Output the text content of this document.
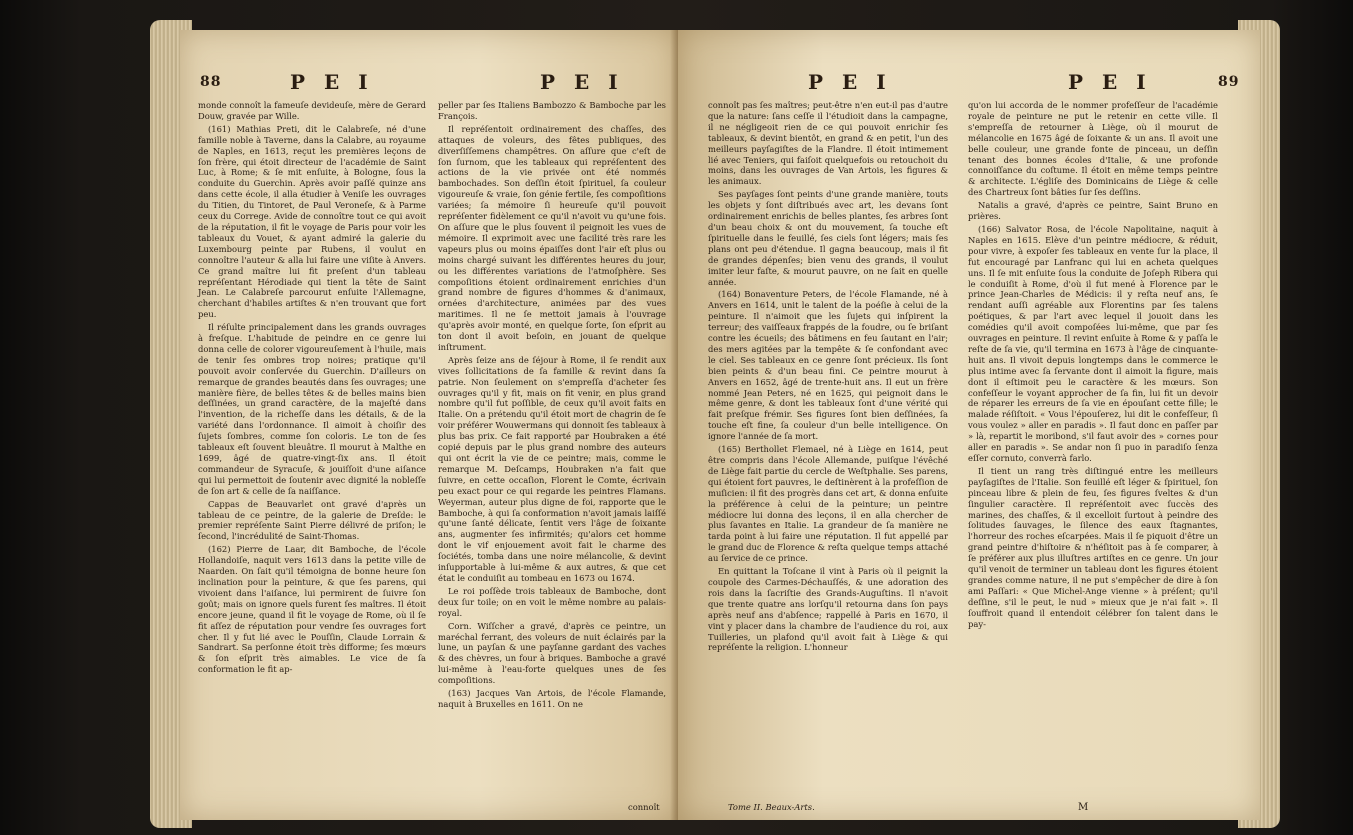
88	P E I	P E I

monde connoît la fameuſe devideuſe, mère de Gerard Douw, gravée par Wille.

(161) Mathias Preti, dit le Calabreſe, né d'une famille noble à Taverne, dans la Calabre, au royaume de Naples, en 1613, reçut les premières leçons de ſon frère, qui étoit directeur de l'académie de Saint Luc, à Rome; & ſe mit enſuite, à Bologne, ſous la conduite du Guerchin. Après avoir paſſé quinze ans dans cette école, il alla étudier à Veniſe les ouvrages du Titien, du Tintoret, de Paul Veroneſe, & à Parme ceux du Correge. Avide de connoître tout ce qui avoit de la réputation, il fit le voyage de Paris pour voir les tableaux du Vouet, & ayant admiré la galerie du Luxembourg peinte par Rubens, il voulut en connoître l'auteur & alla lui faire une viſite à Anvers. Ce grand maître lui fit preſent d'un tableau repréſentant Hérodiade qui tient la tête de Saint Jean. Le Calabreſe parcourut enſuite l'Allemagne, cherchant d'habiles artiſtes & n'en trouvant que fort peu.

Il réſulte principalement dans les grands ouvrages à freſque. L'habitude de peindre en ce genre lui donna celle de colorer vigoureuſement à l'huile, mais de tenir ſes ombres trop noires; pratique qu'il pouvoit avoir conſervée du Guerchin. D'ailleurs on remarque de grandes beautés dans ſes ouvrages; une manière fière, de belles têtes & de belles mains bien deſſinées, un grand caractère, de la majeſté dans l'invention, de la richeſſe dans les détails, & de la variété dans l'ordonnance. Il aimoit à choiſir des ſujets ſombres, comme ſon coloris. Le ton de ſes tableaux eſt ſouvent bleuâtre. Il mourut à Malthe en 1699, âgé de quatre-vingt-ſix ans. Il étoit commandeur de Syracuſe, & jouiſſoit d'une aiſance qui lui permettoit de ſoutenir avec dignité la nobleſſe de ſon art & celle de ſa naiſſance.

Cappas de Beauvarlet ont gravé d'après un tableau de ce peintre, de la galerie de Dreſde: le premier repréſente Saint Pierre délivré de priſon; le ſecond, l'incrédulité de Saint-Thomas.

(162) Pierre de Laar, dit Bamboche, de l'école Hollandoiſe, naquit vers 1613 dans la petite ville de Naarden. On ſait qu'il témoigna de bonne heure ſon inclination pour la peinture, & que ſes parens, qui vivoient dans l'aiſance, lui permirent de ſuivre ſon goût; mais on ignore quels furent ſes maîtres. Il étoit encore jeune, quand il fit le voyage de Rome, où il ſe fit aſſez de réputation pour vendre ſes ouvrages fort cher. Il y fut lié avec le Pouſſin, Claude Lorrain & Sandrart. Sa perſonne étoit très difforme; ſes mœurs & ſon eſprit très aimables. Le vice de ſa conformation le fit ap-

peller par ſes Italiens Bambozzo & Bamboche par les François.

Il repréſentoit ordinairement des chaſſes, des attaques de voleurs, des fêtes publiques, des diverſiſſemens champêtres. On aſſure que c'eſt de ſon ſurnom, que les tableaux qui repréſentent des actions de la vie privée ont été nommés bambochades. Son deſſin étoit ſpirituel, ſa couleur vigoureuſe & vraie, ſon génie fertile, ſes compoſitions variées; ſa mémoire ſi heureuſe qu'il pouvoit repréſenter fidèlement ce qu'il n'avoit vu qu'une fois. On aſſure que le plus ſouvent il peignoit les vues de mémoire. Il exprimoit avec une facilité très rare les vapeurs plus ou moins épaiſſes dont l'air eſt plus ou moins chargé suivant les différentes heures du jour, ou les différentes variations de l'atmoſphère. Ses compoſitions étoient ordinairement enrichies d'un grand nombre de figures d'hommes & d'animaux, ornées d'architecture, animées par des vues maritimes. Il ne ſe mettoit jamais à l'ouvrage qu'après avoir monté, en quelque ſorte, ſon eſprit au ton dont il avoit beſoin, en jouant de quelque inſtrument.

Après ſeize ans de ſéjour à Rome, il ſe rendit aux vives ſollicitations de ſa famille & revint dans ſa patrie. Non ſeulement on s'empreſſa d'acheter ſes ouvrages qu'il y fit, mais on fit venir, en plus grand nombre qu'il fut poſſible, de ceux qu'il avoit faits en Italie. On a prétendu qu'il étoit mort de chagrin de ſe voir préférer Wouwermans qui donnoit ſes tableaux à plus bas prix. Ce fait rapporté par Houbraken a été copié depuis par le plus grand nombre des auteurs qui ont écrit la vie de ce peintre; mais, comme le remarque M. Deſcamps, Houbraken n'a fait que ſuivre, en cette occaſion, Florent le Comte, écrivain peu exact pour ce qui regarde les peintres Flamans. Weyerman, auteur plus digne de foi, rapporte que le Bamboche, à qui ſa conformation n'avoit jamais laiſſé qu'une ſanté délicate, ſentit vers l'âge de ſoixante ans, augmenter ſes infirmités; qu'alors cet homme dont le vif enjouement avoit fait le charme des ſociétés, tomba dans une noire mélancolie, & devint inſupportable à lui-même & aux autres, & que cet état le conduiſit au tombeau en 1673 ou 1674.

Le roi poſſède trois tableaux de Bamboche, dont deux ſur toile; on en voit le même nombre au palais-royal.

Corn. Wiſſcher a gravé, d'après ce peintre, un maréchal ferrant, des voleurs de nuit éclairés par la lune, un payſan & une payſanne gardant des vaches & des chèvres, un four à briques. Bamboche a gravé lui-même à l'eau-forte quelques unes de ſes compoſitions.

(163) Jacques Van Artois, de l'école Flamande, naquit à Bruxelles en 1611. On ne

connoît
P E I	P E I	89

connoît pas ſes maîtres; peut-être n'en eut-il pas d'autre que la nature: ſans ceſſe il l'étudioit dans la campagne, il ne négligeoit rien de ce qui pouvoit enrichir ſes tableaux, & devint bientôt, en grand & en petit, l'un des meilleurs payſagiſtes de la Flandre. Il étoit intimement lié avec Teniers, qui faiſoit quelquefois ou retouchoit du moins, dans les ouvrages de Van Artois, les figures & les animaux.

Ses payſages ſont peints d'une grande manière, touts les objets y ſont diſtribués avec art, les devans ſont ordinairement enrichis de belles plantes, ſes arbres ſont d'un beau choix & ont du mouvement, ſa touche eſt ſpirituelle dans le feuillé, ſes ciels ſont légers; mais ſes plans ont peu d'étendue. Il gagna beaucoup, mais il fit de grandes dépenſes; bien venu des grands, il voulut imiter leur faſte, & mourut pauvre, on ne ſait en quelle année.

(164) Bonaventure Peters, de l'école Flamande, né à Anvers en 1614, unit le talent de la poéſie à celui de la peinture. Il n'aimoit que les ſujets qui inſpirent la terreur; des vaiſſeaux frappés de la foudre, ou ſe briſant contre les écueils; des bâtimens en feu ſautant en l'air; des mers agitées par la tempête & ſe confondant avec le ciel. Ses tableaux en ce genre ſont précieux. Ils ſont bien peints & d'un beau fini. Ce peintre mourut à Anvers en 1652, âgé de trente-huit ans. Il eut un frère nommé Jean Peters, né en 1625, qui peignoit dans le même genre, & dont les tableaux ſont d'une vérité qui fait preſque frémir. Ses figures ſont bien deſſinées, ſa touche eſt fine, ſa couleur d'un belle intelligence. On ignore l'année de ſa mort.

(165) Berthollet Flemael, né à Liège en 1614, peut être compris dans l'école Allemande, puiſque l'évêché de Liège fait partie du cercle de Weſtphalie. Ses parens, qui étoient fort pauvres, le deſtinèrent à la profeſſion de muſicien: il fit des progrès dans cet art, & donna enſuite la préférence à celui de la peinture; un peintre médiocre lui donna des leçons, il en alla chercher de plus ſavantes en Italie. La grandeur de ſa manière ne tarda point à lui faire une réputation. Il fut appellé par le grand duc de Florence & reſta quelque temps attaché au ſervice de ce prince.

En quittant la Toſcane il vint à Paris où il peignit la coupole des Carmes-Déchauſſés, & une adoration des rois dans la ſacriſtie des Grands-Auguſtins. Il n'avoit que trente quatre ans lorſqu'il retourna dans ſon pays après neuf ans d'abſence; rappellé à Paris en 1670, il vint y placer dans la chambre de l'audience du roi, aux Tuilleries, un plafond qu'il avoit fait à Liège & qui repréſente la religion. L'honneur

qu'on lui accorda de le nommer profeſſeur de l'académie royale de peinture ne put le retenir en cette ville. Il s'empreſſa de retourner à Liège, où il mourut de mélancolie en 1675 âgé de ſoixante & un ans. Il avoit une belle couleur, une grande fonte de pinceau, un deſſin tenant des bonnes écoles d'Italie, & une profonde connoiſſance du coſtume. Il étoit en même temps peintre & architecte. L'égliſe des Dominicains de Liège & celle des Chartreux ſont bâties ſur ſes deſſins.

Natalis a gravé, d'après ce peintre, Saint Bruno en prières.

(166) Salvator Rosa, de l'école Napolitaine, naquit à Naples en 1615. Elève d'un peintre médiocre, & réduit, pour vivre, à expoſer ſes tableaux en vente ſur la place, il fut encouragé par Lanfranc qui lui en acheta quelques uns. Il ſe mit enſuite ſous la conduite de Joſeph Ribera qui le conduiſit à Rome, d'où il fut mené à Florence par le prince Jean-Charles de Médicis: il y reſta neuf ans, ſe rendant auſſi agréable aux Florentins par ſes talens poétiques, & par l'art avec lequel il jouoit dans les comédies qu'il avoit compoſées lui-même, que par ſes ouvrages en peinture. Il revint enſuite à Rome & y paſſa le reſte de ſa vie, qu'il termina en 1673 à l'âge de cinquante-huit ans. Il vivoit depuis longtemps dans le commerce le plus intime avec ſa ſervante dont il aimoit la figure, mais dont il eſtimoit peu le caractère & les mœurs. Son confeſſeur le voyant approcher de ſa fin, lui fit un devoir de réparer les erreurs de ſa vie en épouſant cette fille; le malade réſiſtoit. « Vous l'épouſerez, lui dit le confeſſeur, ſi vous voulez » aller en paradis ». Il faut donc en paſſer par » là, repartit le moribond, s'il faut avoir des » cornes pour aller en paradis ». Se andar non ſi puo in paradiſo ſenza eſſer cornuto, converrà farlo.

Il tient un rang très diſtingué entre les meilleurs payſagiſtes de l'Italie. Son feuillé eſt léger & ſpirituel, ſon pinceau libre & plein de feu, ſes figures ſveltes & d'un ſingulier caractère. Il repréſentoit avec ſuccès des marines, des chaſſes, & il excelloit ſurtout à peindre des ſolitudes ſauvages, le ſilence des eaux ſtagnantes, l'horreur des roches eſcarpées. Mais il ſe piquoit d'être un grand peintre d'hiſtoire & n'héſitoit pas à ſe comparer, à ſe préférer aux plus illuſtres artiſtes en ce genre. Un jour qu'il venoit de terminer un tableau dont les figures étoient grandes comme nature, il ne put s'empêcher de dire à ſon ami Paſſari: « Que Michel-Ange vienne » à préſent; qu'il deſſine, s'il le peut, le nud » mieux que je n'ai fait ». Il ſouffroit quand il entendoit célébrer ſon talent dans le pay-

Tome II. Beaux-Arts.	M
